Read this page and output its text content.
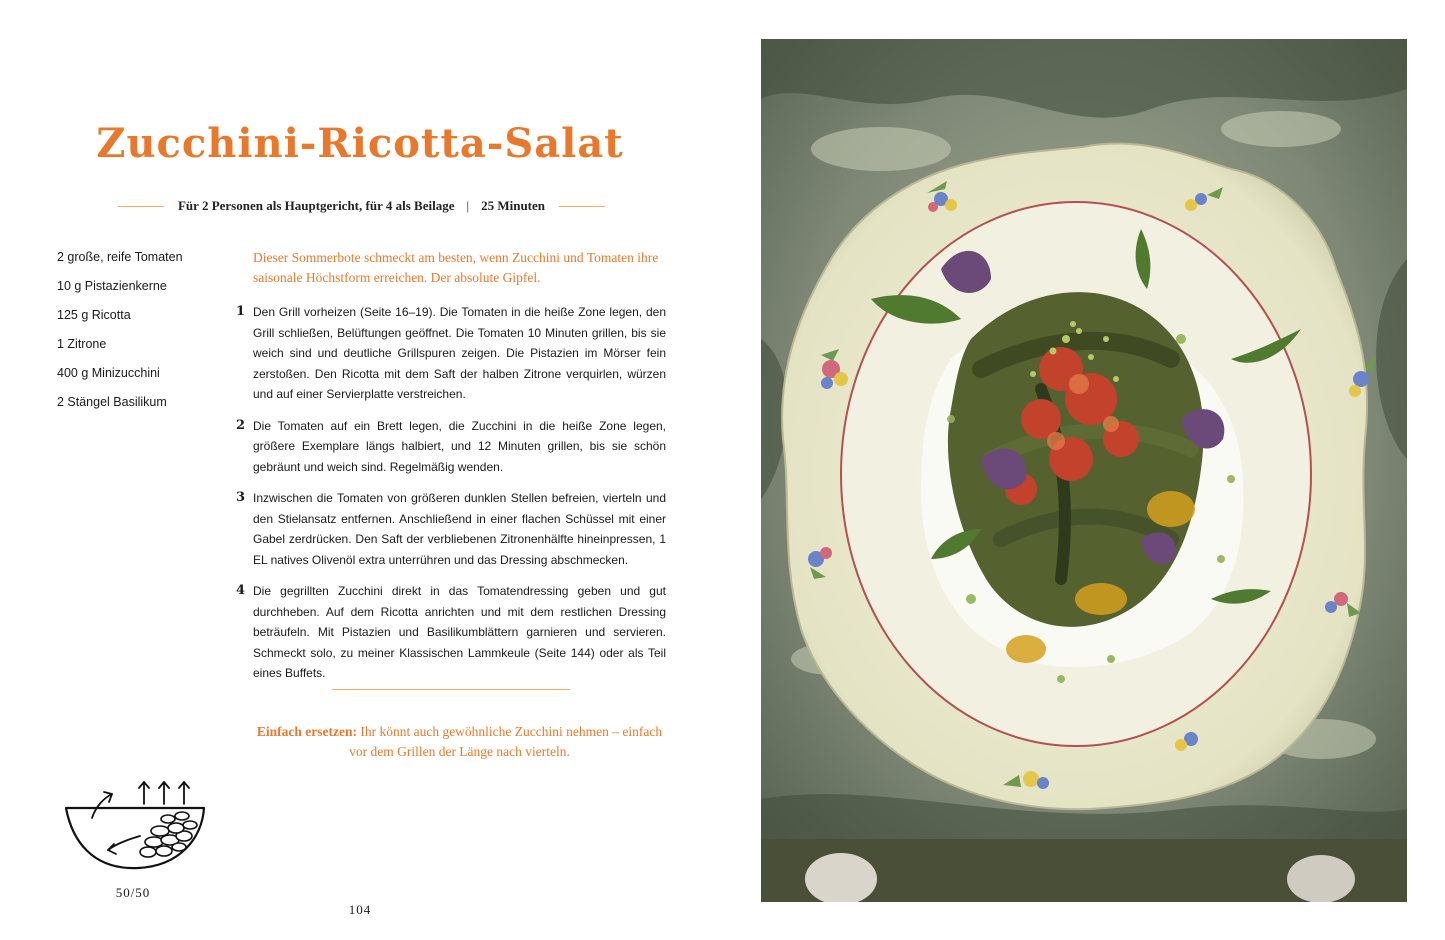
Zucchini-Ricotta-Salat
Für 2 Personen als Hauptgericht, für 4 als Beilage | 25 Minuten
2 große, reife Tomaten
10 g Pistazienkerne
125 g Ricotta
1 Zitrone
400 g Minizucchini
2 Stängel Basilikum

Dieser Sommerbote schmeckt am besten, wenn Zucchini und Tomaten ihre saisonale Höchstform erreichen. Der absolute Gipfel.

1 Den Grill vorheizen (Seite 16–19). Die Tomaten in die heiße Zone legen, den Grill schließen, Belüftungen geöffnet. Die Tomaten 10 Minuten grillen, bis sie weich sind und deutliche Grillspuren zeigen. Die Pistazien im Mörser fein zerstoßen. Den Ricotta mit dem Saft der halben Zitrone verquirlen, würzen und auf einer Servierplatte verstreichen.

2 Die Tomaten auf ein Brett legen, die Zucchini in die heiße Zone legen, größere Exemplare längs halbiert, und 12 Minuten grillen, bis sie schön gebräunt und weich sind. Regelmäßig wenden.

3 Inzwischen die Tomaten von größeren dunklen Stellen befreien, vierteln und den Stielansatz entfernen. Anschließend in einer flachen Schüssel mit einer Gabel zerdrücken. Den Saft der verbliebenen Zitronenhälfte hineinpressen, 1 EL natives Olivenöl extra unterrühren und das Dressing abschmecken.

4 Die gegrillten Zucchini direkt in das Tomatendressing geben und gut durchheben. Auf dem Ricotta anrichten und mit dem restlichen Dressing beträufeln. Mit Pistazien und Basilikumblättern garnieren und servieren. Schmeckt solo, zu meiner Klassischen Lammkeule (Seite 144) oder als Teil eines Buffets.

Einfach ersetzen: Ihr könnt auch gewöhnliche Zucchini nehmen – einfach vor dem Grillen der Länge nach vierteln.

50/50
104
